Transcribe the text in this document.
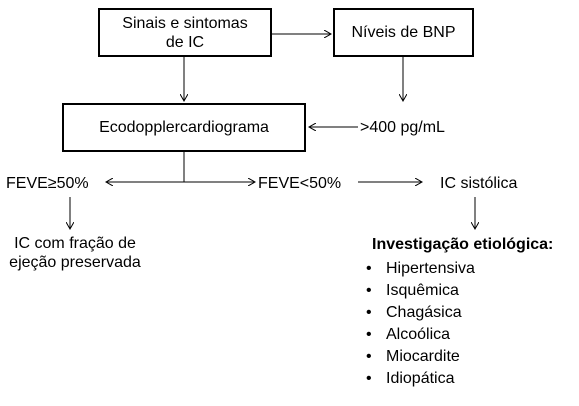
Sinais e sintomas
de IC
Níveis de BNP
Ecodopplercardiograma	>400 pg/mL
FEVE≥50%	FEVE<50%	IC sistólica
IC com fração de
ejeção preservada
Investigação etiológica:
• Hipertensiva
• Isquêmica
• Chagásica
• Alcoólica
• Miocardite
• Idiopática
